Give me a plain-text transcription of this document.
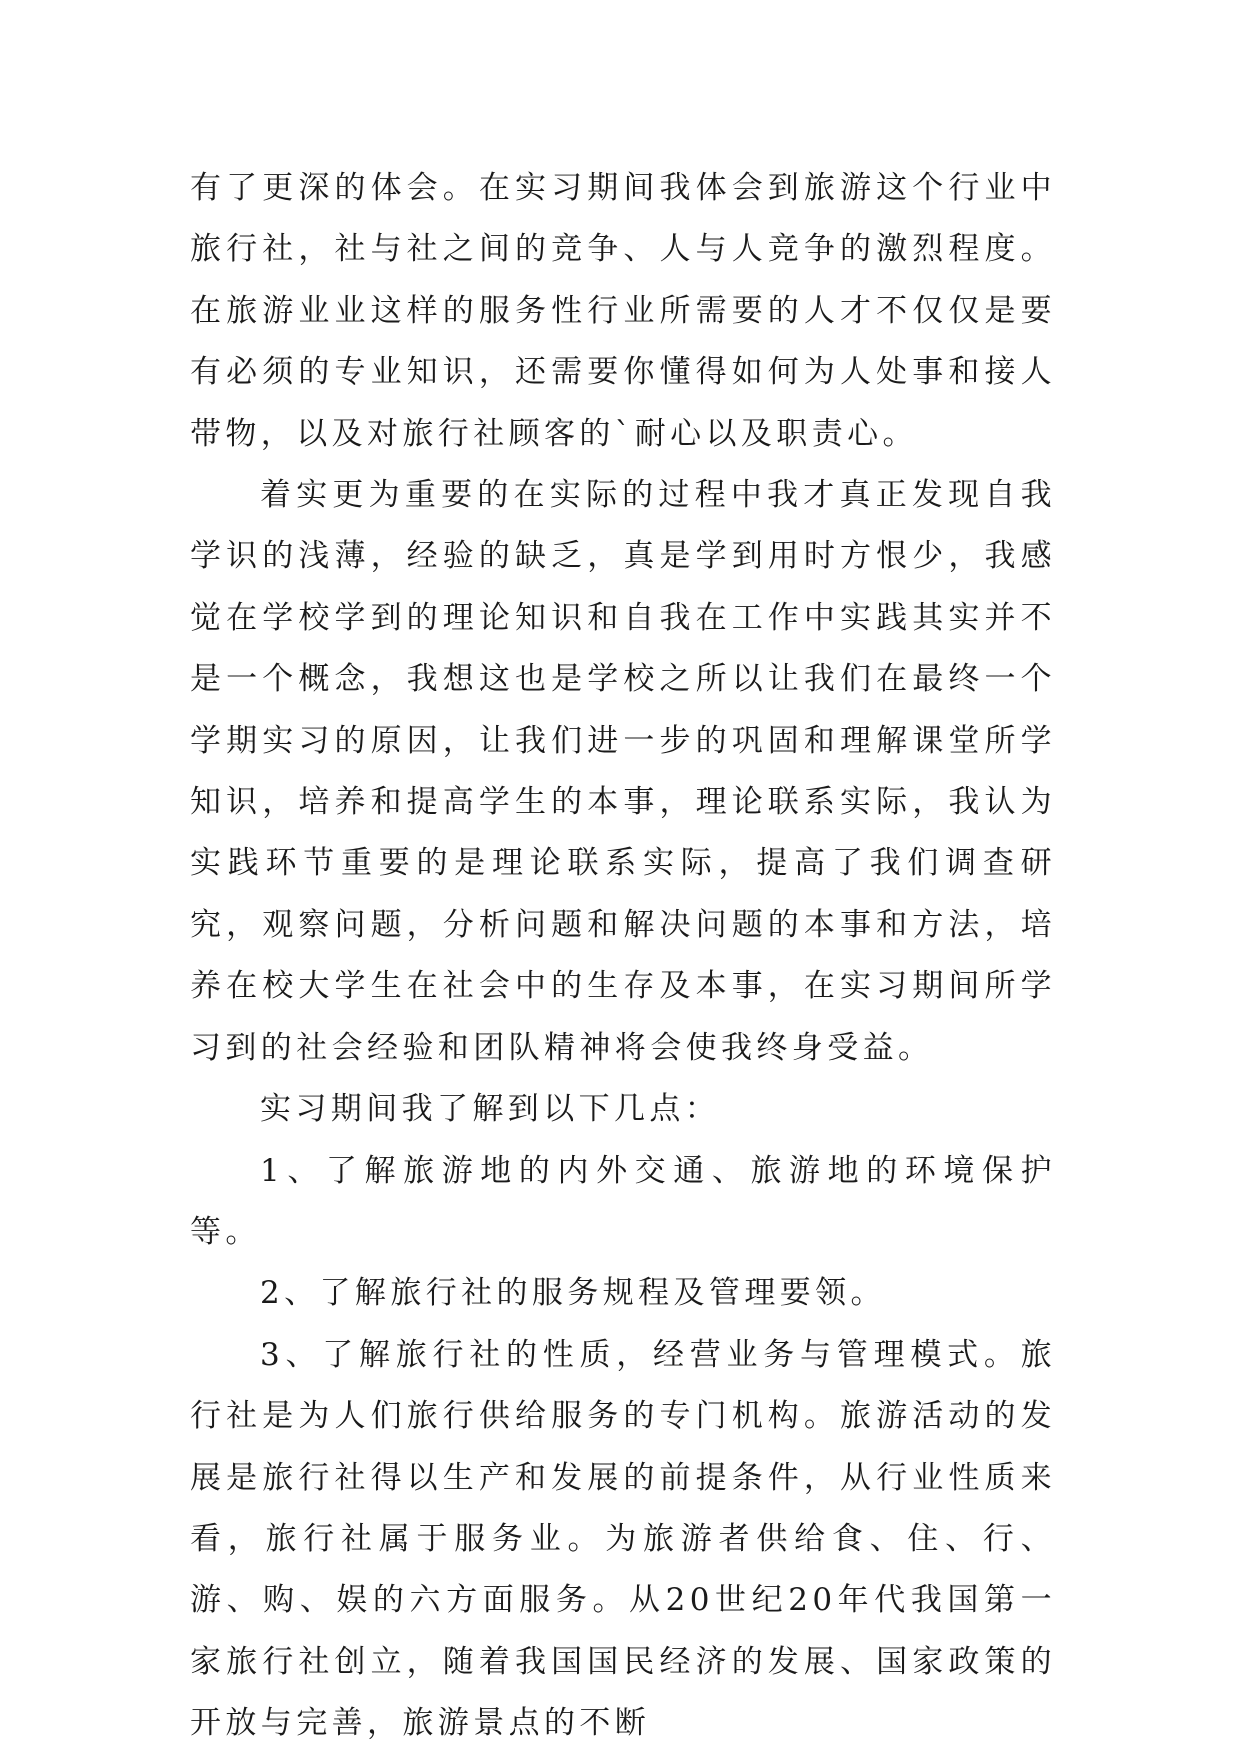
有了更深的体会。在实习期间我体会到旅游这个行业中旅行社，社与社之间的竞争、人与人竞争的激烈程度。在旅游业业这样的服务性行业所需要的人才不仅仅是要有必须的专业知识，还需要你懂得如何为人处事和接人带物，以及对旅行社顾客的`耐心以及职责心。

着实更为重要的在实际的过程中我才真正发现自我学识的浅薄，经验的缺乏，真是学到用时方恨少，我感觉在学校学到的理论知识和自我在工作中实践其实并不是一个概念，我想这也是学校之所以让我们在最终一个学期实习的原因，让我们进一步的巩固和理解课堂所学知识，培养和提高学生的本事，理论联系实际，我认为实践环节重要的是理论联系实际，提高了我们调查研究，观察问题，分析问题和解决问题的本事和方法，培养在校大学生在社会中的生存及本事，在实习期间所学习到的社会经验和团队精神将会使我终身受益。

实习期间我了解到以下几点：

1、了解旅游地的内外交通、旅游地的环境保护等。

2、了解旅行社的服务规程及管理要领。

3、了解旅行社的性质，经营业务与管理模式。旅行社是为人们旅行供给服务的专门机构。旅游活动的发展是旅行社得以生产和发展的前提条件，从行业性质来看，旅行社属于服务业。为旅游者供给食、住、行、游、购、娱的六方面服务。从20世纪20年代我国第一家旅行社创立，随着我国国民经济的发展、国家政策的开放与完善，旅游景点的不断
